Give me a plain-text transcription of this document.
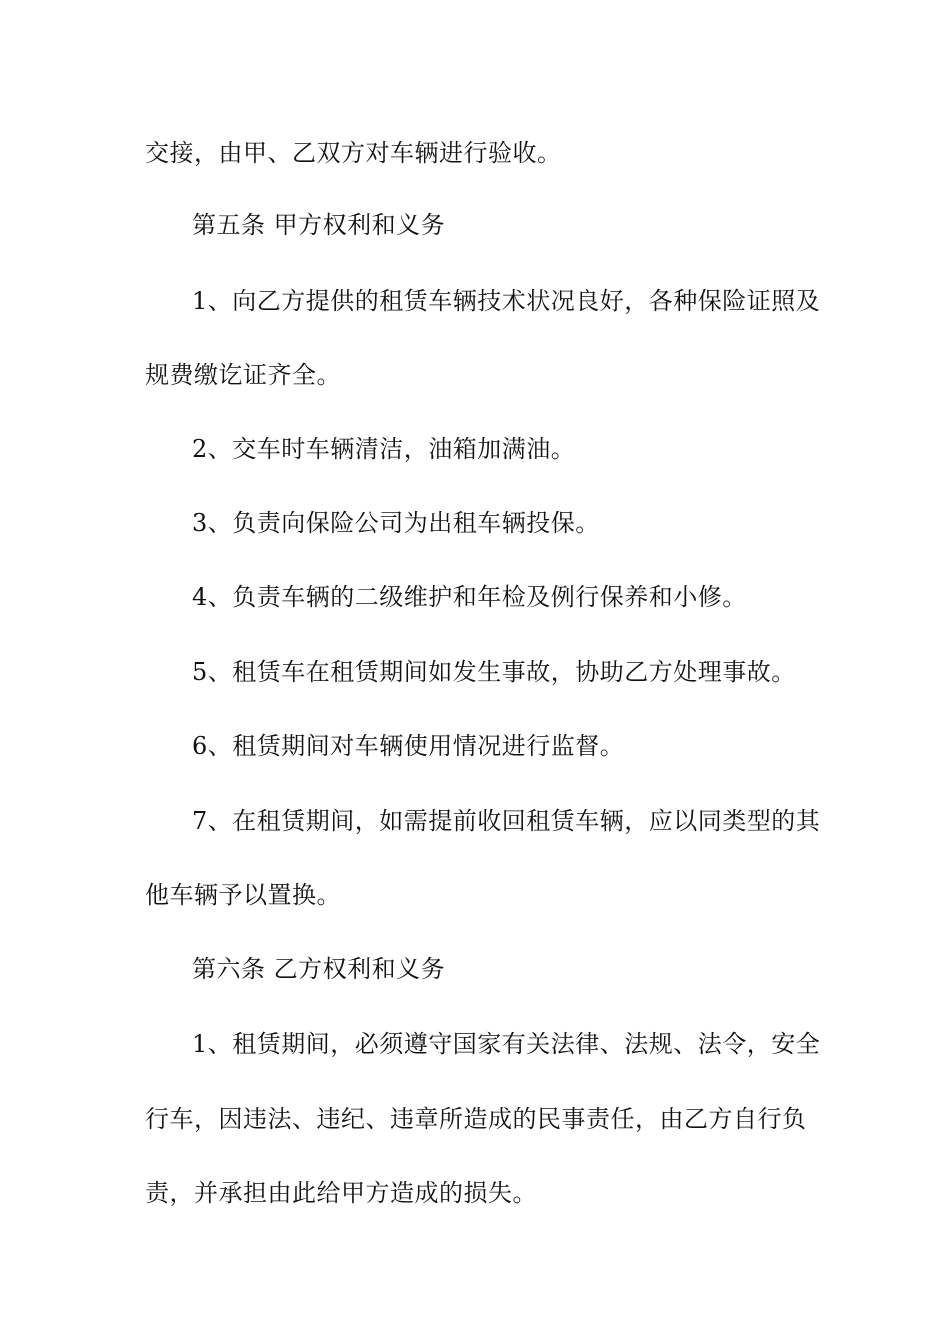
交接，由甲、乙双方对车辆进行验收。
第五条 甲方权利和义务
1、向乙方提供的租赁车辆技术状况良好，各种保险证照及
规费缴讫证齐全。
2、交车时车辆清洁，油箱加满油。
3、负责向保险公司为出租车辆投保。
4、负责车辆的二级维护和年检及例行保养和小修。
5、租赁车在租赁期间如发生事故，协助乙方处理事故。
6、租赁期间对车辆使用情况进行监督。
7、在租赁期间，如需提前收回租赁车辆，应以同类型的其
他车辆予以置换。
第六条 乙方权利和义务
1、租赁期间，必须遵守国家有关法律、法规、法令，安全
行车，因违法、违纪、违章所造成的民事责任，由乙方自行负
责，并承担由此给甲方造成的损失。
